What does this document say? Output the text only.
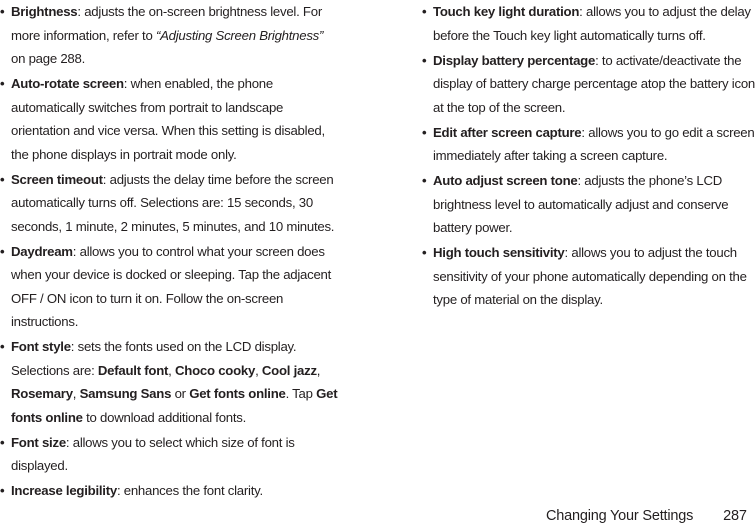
• Brightness: adjusts the on-screen brightness level. For more information, refer to “Adjusting Screen Brightness” on page 288.
• Auto-rotate screen: when enabled, the phone automatically switches from portrait to landscape orientation and vice versa. When this setting is disabled, the phone displays in portrait mode only.
• Screen timeout: adjusts the delay time before the screen automatically turns off. Selections are: 15 seconds, 30 seconds, 1 minute, 2 minutes, 5 minutes, and 10 minutes.
• Daydream: allows you to control what your screen does when your device is docked or sleeping. Tap the adjacent OFF / ON icon to turn it on. Follow the on-screen instructions.
• Font style: sets the fonts used on the LCD display. Selections are: Default font, Choco cooky, Cool jazz, Rosemary, Samsung Sans or Get fonts online. Tap Get fonts online to download additional fonts.
• Font size: allows you to select which size of font is displayed.
• Increase legibility: enhances the font clarity.
• Touch key light duration: allows you to adjust the delay before the Touch key light automatically turns off.
• Display battery percentage: to activate/deactivate the display of battery charge percentage atop the battery icon at the top of the screen.
• Edit after screen capture: allows you to go edit a screen immediately after taking a screen capture.
• Auto adjust screen tone: adjusts the phone’s LCD brightness level to automatically adjust and conserve battery power.
• High touch sensitivity: allows you to adjust the touch sensitivity of your phone automatically depending on the type of material on the display.
Changing Your Settings 287
